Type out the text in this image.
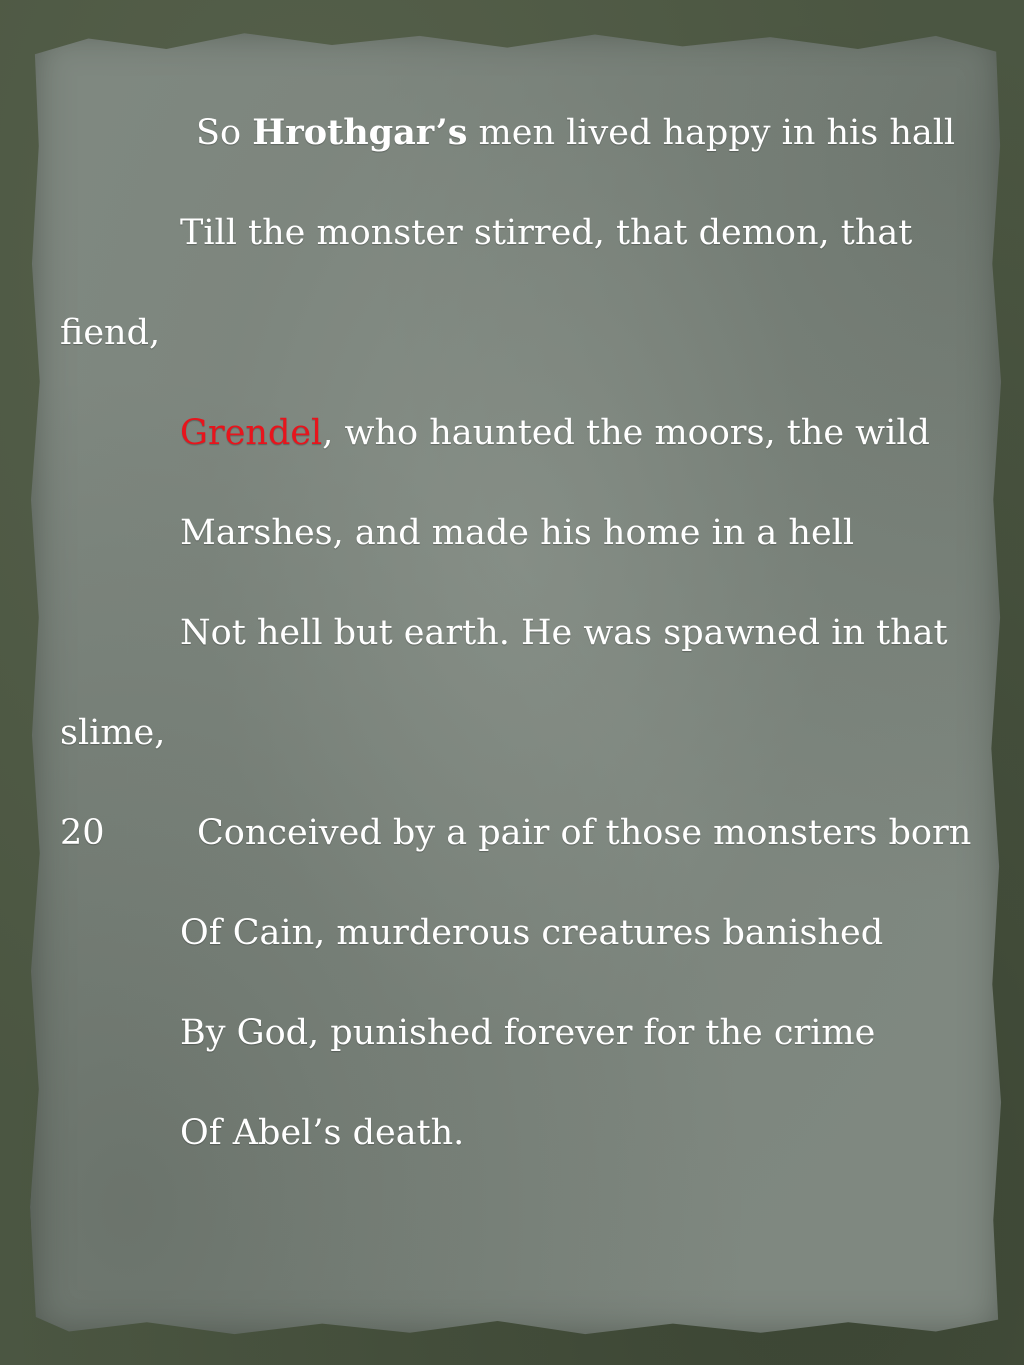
So Hrothgar’s men lived happy in his hall
Till the monster stirred, that demon, that
fiend,
Grendel, who haunted the moors, the wild
Marshes, and made his home in a hell
Not hell but earth. He was spawned in that
slime,
20	Conceived by a pair of those monsters born
Of Cain, murderous creatures banished
By God, punished forever for the crime
Of Abel’s death.
